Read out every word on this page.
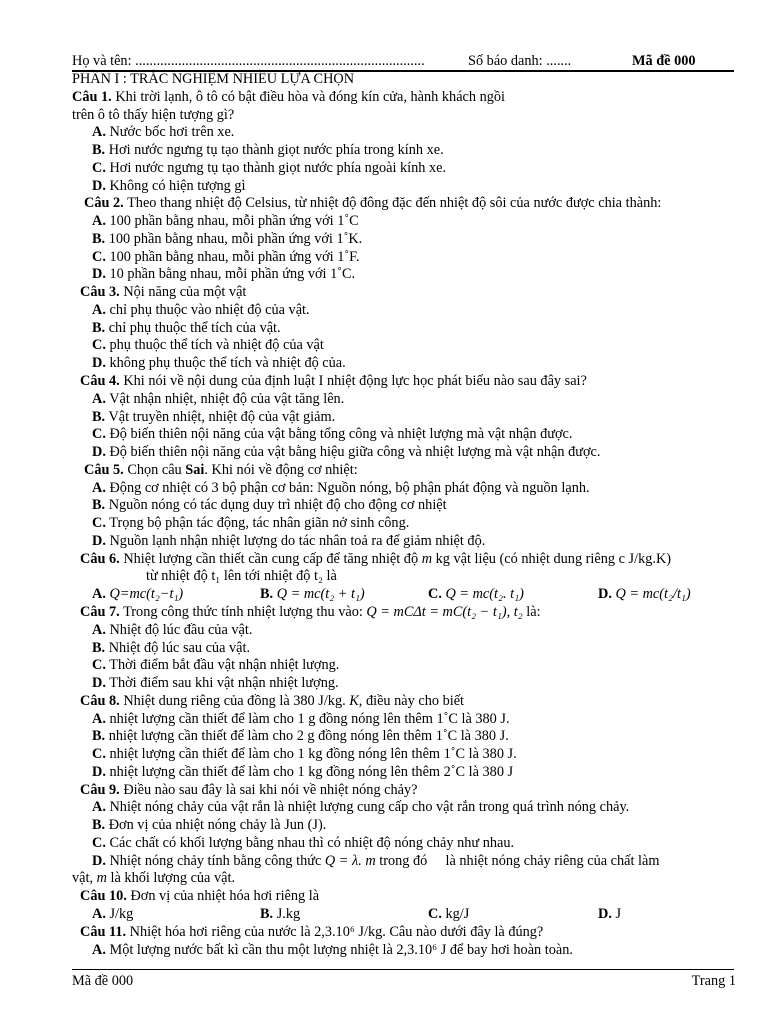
Họ và tên: .................................................................................	Số báo danh: .......	Mã đề 000
PHẦN I : TRẮC NGHIỆM NHIỀU LỰA CHỌN
Câu 1. Khi trời lạnh, ô tô có bật điều hòa và đóng kín cửa, hành khách ngồi
trên ô tô thấy hiện tượng gì?
A. Nước bốc hơi trên xe.
B. Hơi nước ngưng tụ tạo thành giọt nước phía trong kính xe.
C. Hơi nước ngưng tụ tạo thành giọt nước phía ngoài kính xe.
D. Không có hiện tượng gì
Câu 2. Theo thang nhiệt độ Celsius, từ nhiệt độ đông đặc đến nhiệt độ sôi của nước được chia thành:
A. 100 phần bằng nhau, mỗi phần ứng với 1˚C
B. 100 phần bằng nhau, mỗi phần ứng với 1˚K.
C. 100 phần bằng nhau, mỗi phần ứng với 1˚F.
D. 10 phần bằng nhau, mỗi phần ứng với 1˚C.
Câu 3. Nội năng của một vật
A. chỉ phụ thuộc vào nhiệt độ của vật.
B. chỉ phụ thuộc thể tích của vật.
C. phụ thuộc thể tích và nhiệt độ của vật
D. không phụ thuộc thể tích và nhiệt độ của.
Câu 4. Khi nói về nội dung của định luật I nhiệt động lực học phát biểu nào sau đây sai?
A. Vật nhận nhiệt, nhiệt độ của vật tăng lên.
B. Vật truyền nhiệt, nhiệt độ của vật giảm.
C. Độ biến thiên nội năng của vật bằng tổng công và nhiệt lượng mà vật nhận được.
D. Độ biến thiên nội năng của vật bằng hiệu giữa công và nhiệt lượng mà vật nhận được.
Câu 5. Chọn câu Sai. Khi nói về động cơ nhiệt:
A. Động cơ nhiệt có 3 bộ phận cơ bản: Nguồn nóng, bộ phận phát động và nguồn lạnh.
B. Nguồn nóng có tác dụng duy trì nhiệt độ cho động cơ nhiệt
C. Trọng bộ phận tác động, tác nhân giãn nở sinh công.
D. Nguồn lạnh nhận nhiệt lượng do tác nhân toả ra để giảm nhiệt độ.
Câu 6. Nhiệt lượng cần thiết cần cung cấp để tăng nhiệt độ m kg vật liệu (có nhiệt dung riêng c J/kg.K)
từ nhiệt độ t₁ lên tới nhiệt độ t₂ là
A. Q=mc(t₂−t₁)	B. Q = mc(t₂ + t₁)	C. Q = mc(t₂. t₁)	D. Q = mc(t₂/t₁)
Câu 7. Trong công thức tính nhiệt lượng thu vào: Q = mCΔt = mC(t₂ − t₁), t₂ là:
A. Nhiệt độ lúc đầu của vật.
B. Nhiệt độ lúc sau của vật.
C. Thời điểm bắt đầu vật nhận nhiệt lượng.
D. Thời điểm sau khi vật nhận nhiệt lượng.
Câu 8. Nhiệt dung riêng của đồng là 380 J/kg. K, điều này cho biết
A. nhiệt lượng cần thiết để làm cho 1 g đồng nóng lên thêm 1˚C là 380 J.
B. nhiệt lượng cần thiết để làm cho 2 g đồng nóng lên thêm 1˚C là 380 J.
C. nhiệt lượng cần thiết để làm cho 1 kg đồng nóng lên thêm 1˚C là 380 J.
D. nhiệt lượng cần thiết để làm cho 1 kg đồng nóng lên thêm 2˚C là 380 J
Câu 9. Điều nào sau đây là sai khi nói về nhiệt nóng chảy?
A. Nhiệt nóng chảy của vật rắn là nhiệt lượng cung cấp cho vật rắn trong quá trình nóng chảy.
B. Đơn vị của nhiệt nóng chảy là Jun (J).
C. Các chất có khối lượng bằng nhau thì có nhiệt độ nóng chảy như nhau.
D. Nhiệt nóng chảy tính bằng công thức Q = λ. m trong đó là nhiệt nóng chảy riêng của chất làm
vật, m là khối lượng của vật.
Câu 10. Đơn vị của nhiệt hóa hơi riêng là
A. J/kg	B. J.kg	C. kg/J	D. J
Câu 11. Nhiệt hóa hơi riêng của nước là 2,3.10⁶ J/kg. Câu nào dưới đây là đúng?
A. Một lượng nước bất kì cần thu một lượng nhiệt là 2,3.10⁶ J để bay hơi hoàn toàn.
Mã đề 000	Trang 1
